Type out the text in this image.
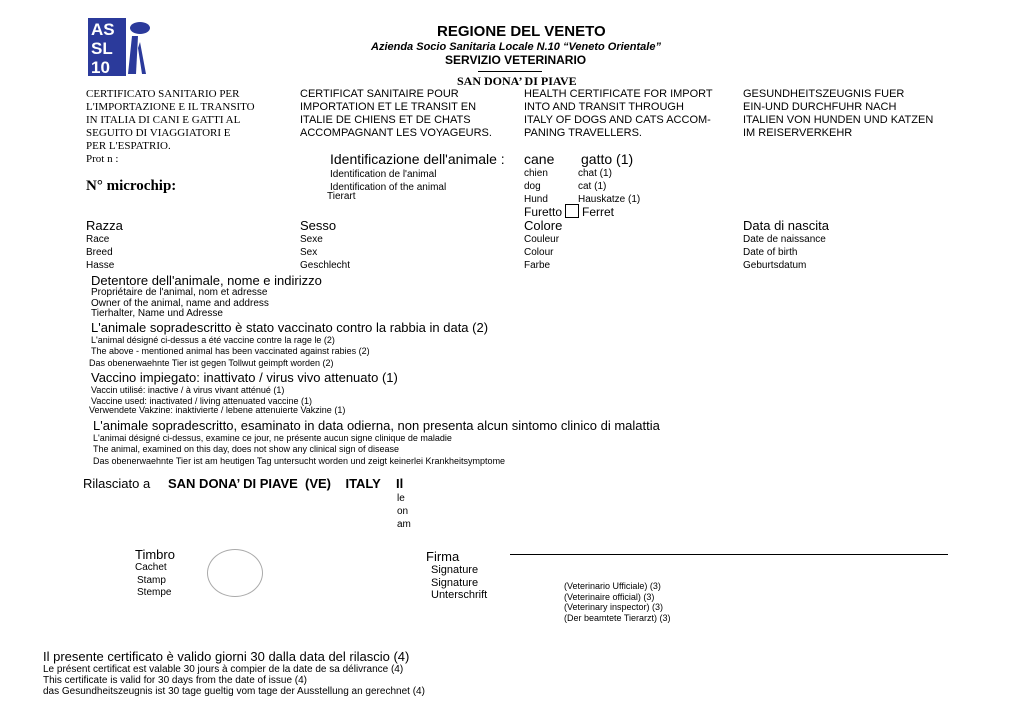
AS
SL
10
REGIONE DEL VENETO
Azienda Socio Sanitaria Locale N.10 “Veneto Orientale”
SERVIZIO VETERINARIO
SAN DONA’ DI PIAVE
CERTIFICATO SANITARIO PER
L'IMPORTAZIONE E IL TRANSITO
IN ITALIA DI CANI E GATTI AL
SEGUITO DI VIAGGIATORI E
PER L'ESPATRIO.
Prot n :
CERTIFICAT SANITAIRE POUR
IMPORTATION ET LE TRANSIT EN
ITALIE DE CHIENS ET DE CHATS
ACCOMPAGNANT LES VOYAGEURS.
HEALTH CERTIFICATE FOR IMPORT
INTO AND TRANSIT THROUGH
ITALY OF DOGS AND CATS ACCOM-
PANING TRAVELLERS.
GESUNDHEITSZEUGNIS FUER
EIN-UND DURCHFUHR NACH
ITALIEN VON HUNDEN UND KATZEN
IM REISERVERKEHR
N° microchip:
Identificazione dell'animale :
Identification de l'animal
Identification of the animal
Tierart
cane
chien
dog
Hund
gatto (1)
chat (1)
cat (1)
Hauskatze (1)
Furetto Ferret
Razza
Race
Breed
Hasse
Sesso
Sexe
Sex
Geschlecht
Colore
Couleur
Colour
Farbe
Data di nascita
Date de naissance
Date of birth
Geburtsdatum
Detentore dell'animale, nome e indirizzo
Propriétaire de l'animal, nom et adresse
Owner of the animal, name and address
Tierhalter, Name und Adresse
L'animale sopradescritto è stato vaccinato contro la rabbia in data (2)
L'animal désigné ci-dessus a été vaccine contre la rage le (2)
The above - mentioned animal has been vaccinated against rabies (2)
Das obenerwaehnte Tier ist gegen Tollwut geimpft worden (2)
Vaccino impiegato: inattivato / virus vivo attenuato (1)
Vaccin utilisé: inactive / à virus vivant atténué (1)
Vaccine used: inactivated / living attenuated vaccine (1)
Verwendete Vakzine: inaktivierte / lebene attenuierte Vakzine (1)
L'animale sopradescritto, esaminato in data odierna, non presenta alcun sintomo clinico di malattia
L'animai désigné ci-dessus, examine ce jour, ne présente aucun signe clinique de maladie
The animal, examined on this day, does not show any clinical sign of disease
Das obenerwaehnte Tier ist am heutigen Tag untersucht worden und zeigt keinerlei Krankheitsymptome
Rilasciato a SAN DONA’ DI PIAVE  (VE)    ITALY Il
le
on
am
Timbro
Cachet
Stamp
Stempe
Firma
Signature
Signature
Unterschrift
(Veterinario Ufficiale) (3)
(Veterinaire official) (3)
(Veterinary inspector) (3)
(Der beamtete Tierarzt) (3)
Il presente certificato è valido giorni 30 dalla data del rilascio (4)
Le présent certificat est valable 30 jours à compier de la date de sa délivrance (4)
This certificate is valid for 30 days from the date of issue (4)
das Gesundheitszeugnis ist 30 tage gueltig vom tage der Ausstellung an gerechnet (4)
